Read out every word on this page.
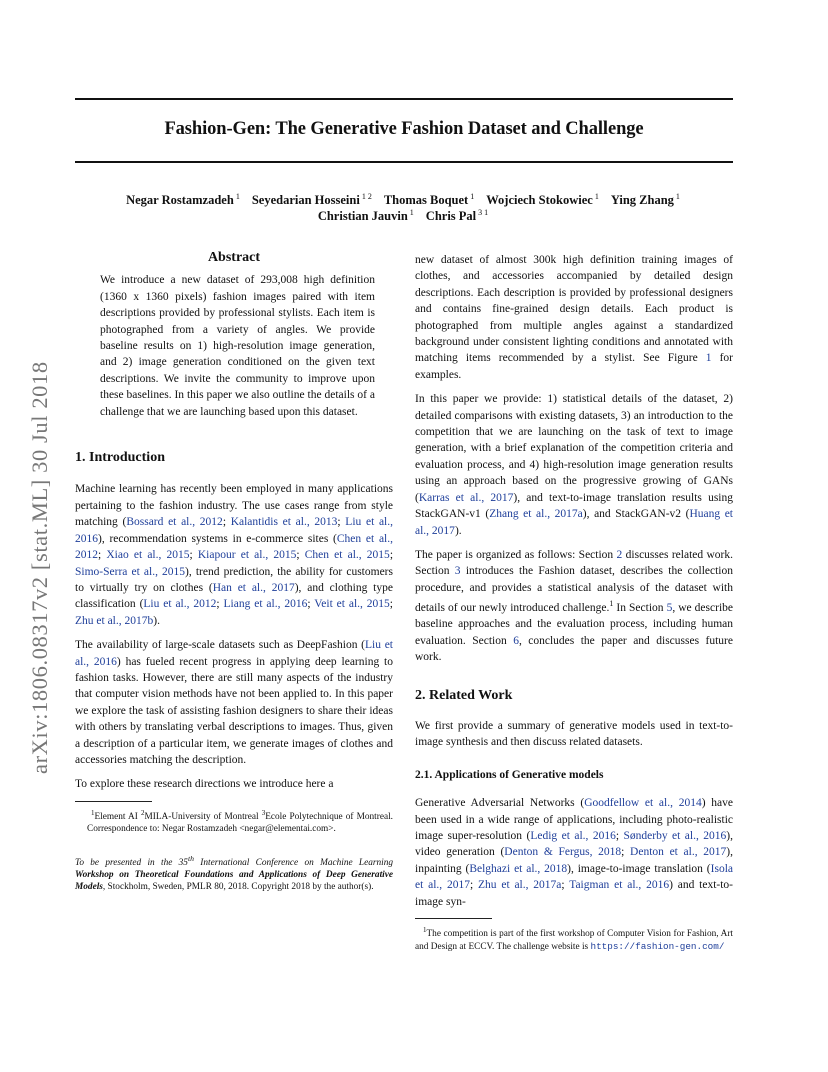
Fashion-Gen: The Generative Fashion Dataset and Challenge
Negar Rostamzadeh $^1$ Seyedarian Hosseini $^{1 2}$ Thomas Boquet $^1$ Wojciech Stokowiec $^1$ Ying Zhang $^1$
Christian Jauvin $^1$ Chris Pal $^{3 1}$
arXiv:1806.08317v2 [stat.ML] 30 Jul 2018
Abstract
We introduce a new dataset of 293,008 high definition (1360 x 1360 pixels) fashion images paired with item descriptions provided by professional stylists. Each item is photographed from a variety of angles. We provide baseline results on 1) high-resolution image generation, and 2) image generation conditioned on the given text descriptions. We invite the community to improve upon these baselines. In this paper we also outline the details of a challenge that we are launching based upon this dataset.
1. Introduction

Machine learning has recently been employed in many applications pertaining to the fashion industry. The use cases range from style matching (Bossard et al., 2012; Kalantidis et al., 2013; Liu et al., 2016), recommendation systems in e-commerce sites (Chen et al., 2012; Xiao et al., 2015; Kiapour et al., 2015; Chen et al., 2015; Simo-Serra et al., 2015), trend prediction, the ability for customers to virtually try on clothes (Han et al., 2017), and clothing type classification (Liu et al., 2012; Liang et al., 2016; Veit et al., 2015; Zhu et al., 2017b).

The availability of large-scale datasets such as DeepFashion (Liu et al., 2016) has fueled recent progress in applying deep learning to fashion tasks. However, there are still many aspects of the industry that computer vision methods have not been applied to. In this paper we explore the task of assisting fashion designers to share their ideas with others by translating verbal descriptions to images. Thus, given a description of a particular item, we generate images of clothes and accessories matching the description.

To explore these research directions we introduce here a

$^1$Element AI $^2$MILA-University of Montreal $^3$Ecole Polytechnique of Montreal. Correspondence to: Negar Rostamzadeh <negar@elementai.com>.
To be presented in the 35th International Conference on Machine Learning Workshop on Theoretical Foundations and Applications of Deep Generative Models, Stockholm, Sweden, PMLR 80, 2018. Copyright 2018 by the author(s).

new dataset of almost 300k high definition training images of clothes, and accessories accompanied by detailed design descriptions. Each description is provided by professional designers and contains fine-grained design details. Each product is photographed from multiple angles against a standardized background under consistent lighting conditions and annotated with matching items recommended by a stylist. See Figure 1 for examples.

In this paper we provide: 1) statistical details of the dataset, 2) detailed comparisons with existing datasets, 3) an introduction to the competition that we are launching on the task of text to image generation, with a brief explanation of the competition criteria and evaluation process, and 4) high-resolution image generation results using an approach based on the progressive growing of GANs (Karras et al., 2017), and text-to-image translation results using StackGAN-v1 (Zhang et al., 2017a), and StackGAN-v2 (Huang et al., 2017).

The paper is organized as follows: Section 2 discusses related work. Section 3 introduces the Fashion dataset, describes the collection procedure, and provides a statistical analysis of the dataset with details of our newly introduced challenge.$^1$ In Section 5, we describe baseline approaches and the evaluation process, including human evaluation. Section 6, concludes the paper and discusses future work.

2. Related Work

We first provide a summary of generative models used in text-to-image synthesis and then discuss related datasets.

2.1. Applications of Generative models

Generative Adversarial Networks (Goodfellow et al., 2014) have been used in a wide range of applications, including photo-realistic image super-resolution (Ledig et al., 2016; Sønderby et al., 2016), video generation (Denton & Fergus, 2018; Denton et al., 2017), inpainting (Belghazi et al., 2018), image-to-image translation (Isola et al., 2017; Zhu et al., 2017a; Taigman et al., 2016) and text-to-image syn-

$^1$The competition is part of the first workshop of Computer Vision for Fashion, Art and Design at ECCV. The challenge website is https://fashion-gen.com/
